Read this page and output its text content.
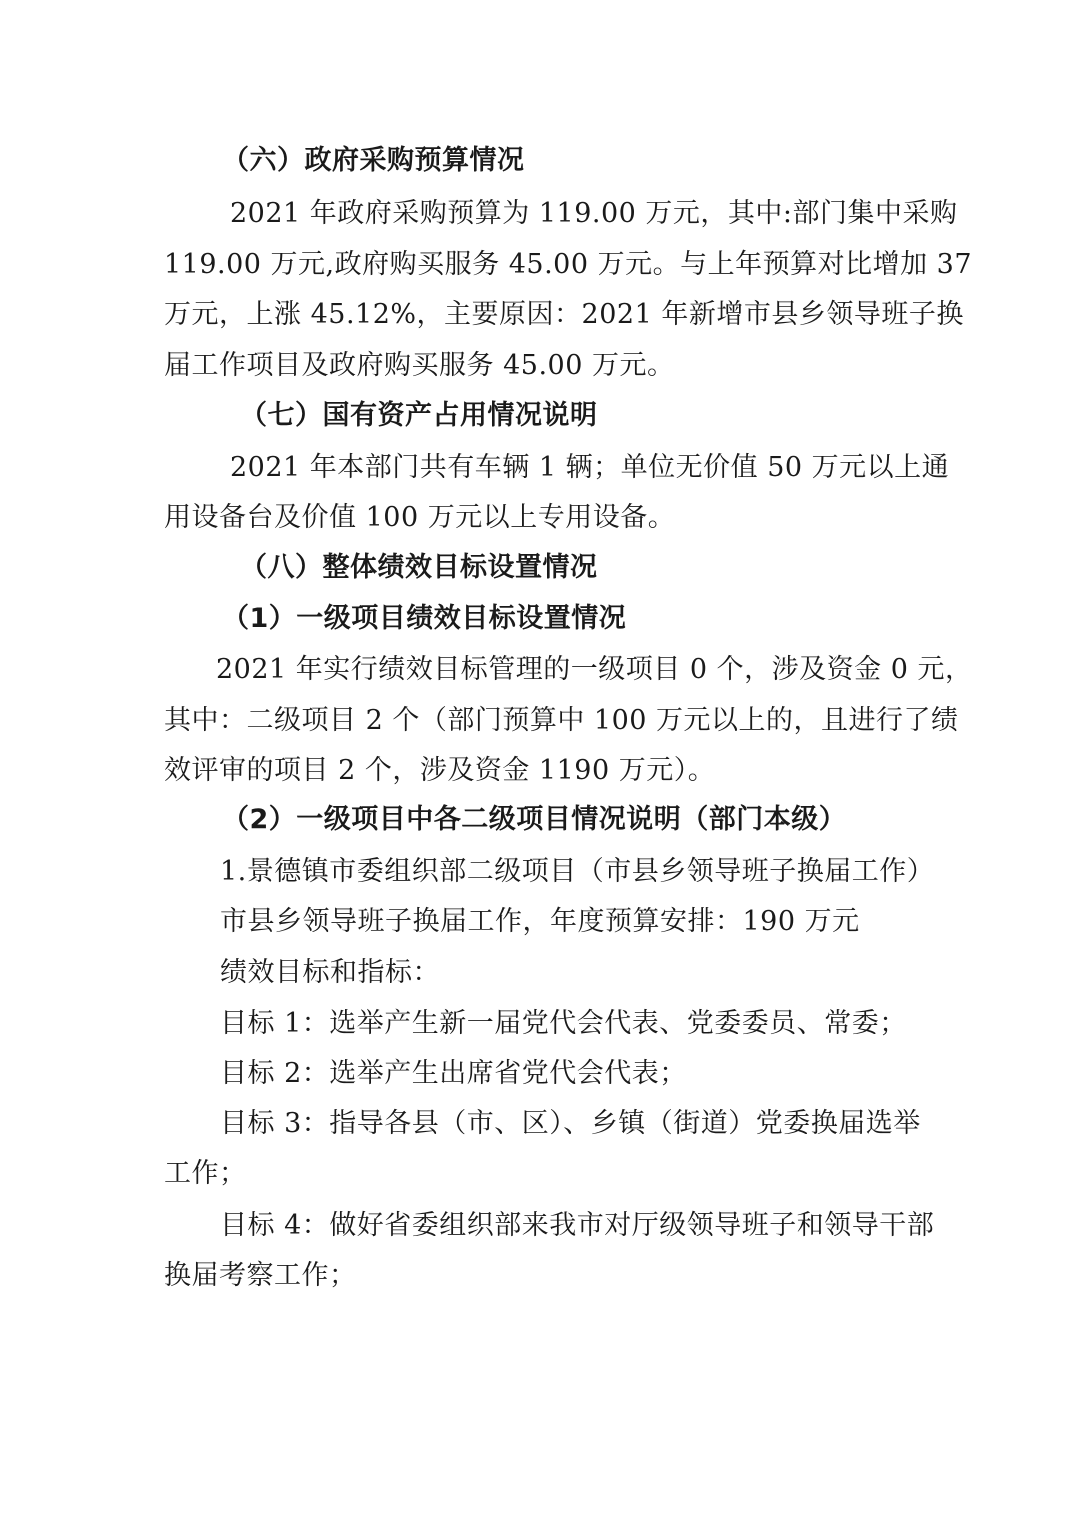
（六）政府采购预算情况
2021 年政府采购预算为 119.00 万元，其中:部门集中采购
119.00 万元,政府购买服务 45.00 万元。与上年预算对比增加 37
万元，上涨 45.12%，主要原因：2021 年新增市县乡领导班子换
届工作项目及政府购买服务 45.00 万元。
（七）国有资产占用情况说明
2021 年本部门共有车辆 1 辆；单位无价值 50 万元以上通
用设备台及价值 100 万元以上专用设备。
（八）整体绩效目标设置情况
（1）一级项目绩效目标设置情况
2021 年实行绩效目标管理的一级项目 0 个，涉及资金 0 元，
其中：二级项目 2 个（部门预算中 100 万元以上的，且进行了绩
效评审的项目 2 个，涉及资金 1190 万元）。
（2）一级项目中各二级项目情况说明（部门本级）
1.景德镇市委组织部二级项目（市县乡领导班子换届工作）
市县乡领导班子换届工作，年度预算安排：190 万元
绩效目标和指标：
目标 1：选举产生新一届党代会代表、党委委员、常委；
目标 2：选举产生出席省党代会代表；
目标 3：指导各县（市、区）、乡镇（街道）党委换届选举
工作；
目标 4：做好省委组织部来我市对厅级领导班子和领导干部
换届考察工作；
